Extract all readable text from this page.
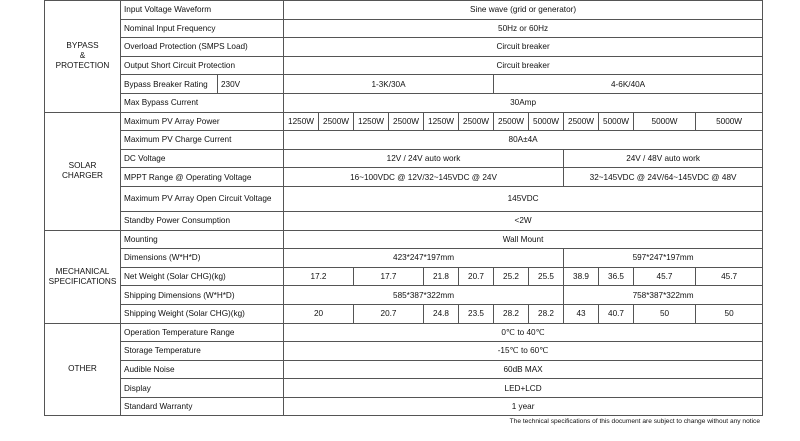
BYPASS
&
PROTECTION	Input Voltage Waveform		Sine wave (grid or generator)											
	Nominal Input Frequency		50Hz or 60Hz											
	Overload Protection (SMPS Load)		Circuit breaker											
	Output Short Circuit Protection		Circuit breaker											
	Bypass Breaker Rating	230V	1-3K/30A						4-6K/40A					
	Max Bypass Current		30Amp											
SOLAR
CHARGER	Maximum PV Array Power		1250W	2500W	1250W	2500W	1250W	2500W	2500W	5000W	2500W	5000W	5000W	5000W
	Maximum PV Charge Current		80A±4A											
	DC Voltage		12V / 24V auto work								24V / 48V auto work			
	MPPT Range @ Operating Voltage		16~100VDC @ 12V/32~145VDC @ 24V								32~145VDC @ 24V/64~145VDC @ 48V			
	Maximum PV Array Open Circuit Voltage		145VDC											
	Standby Power Consumption		<2W											
MECHANICAL
SPECIFICATIONS	Mounting		Wall Mount											
	Dimensions (W*H*D)		423*247*197mm								597*247*197mm			
	Net Weight (Solar CHG)(kg)		17.2		17.7		21.8	20.7	25.2	25.5	38.9	36.5	45.7	45.7
	Shipping Dimensions (W*H*D)		585*387*322mm								758*387*322mm			
	Shipping Weight (Solar CHG)(kg)		20		20.7		24.8	23.5	28.2	28.2	43	40.7	50	50
OTHER	Operation Temperature Range		0℃ to 40℃											
	Storage Temperature		-15℃ to 60℃											
	Audible Noise		60dB MAX											
	Display		LED+LCD											
	Standard Warranty		1 year											
The technical specifications of this document are subject to change without any notice
